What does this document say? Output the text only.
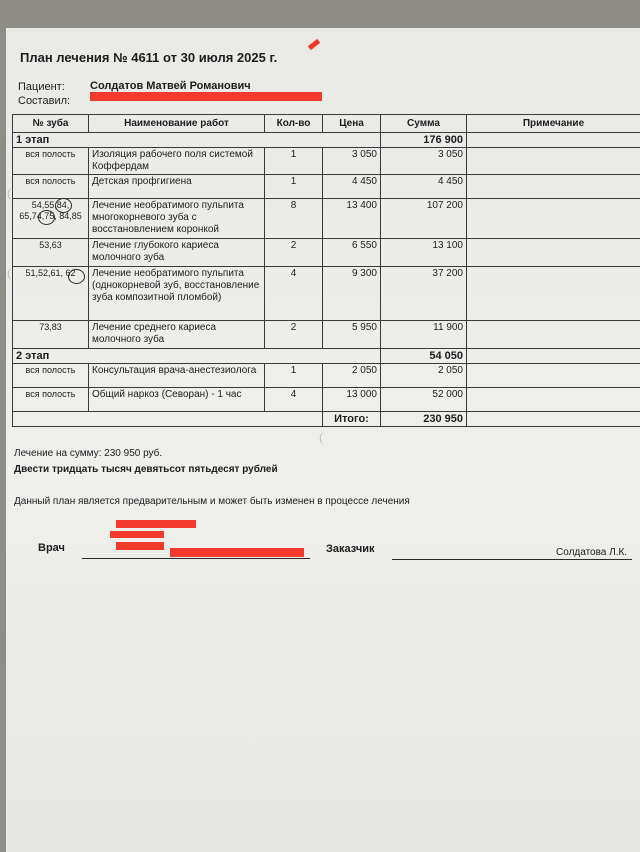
План лечения № 4611 от 30 июля 2025 г.
Пациент: Солдатов Матвей Романович
Составил:
№ зуба	Наименование работ	Кол-во	Цена	Сумма	Примечание
1 этап				176 900	
вся полость	Изоляция рабочего поля системой Коффердам	1	3 050	3 050	
вся полость	Детская профгигиена	1	4 450	4 450	
54,55,84, 65,74,75, 84,85	Лечение необратимого пульпита многокорневого зуба с восстановлением коронкой	8	13 400	107 200	
53,63	Лечение глубокого кариеса молочного зуба	2	6 550	13 100	
51,52,61, 62	Лечение необратимого пульпита (однокорневой зуб, восстановление зуба композитной пломбой)	4	9 300	37 200	
73,83	Лечение среднего кариеса молочного зуба	2	5 950	11 900	
2 этап				54 050	
вся полость	Консультация врача-анестезиолога	1	2 050	2 050	
вся полость	Общий наркоз (Севоран) - 1 час	4	13 000	52 000	
			Итого:	230 950	
(
(
(
Лечение на сумму: 230 950 руб.
Двести тридцать тысяч девятьсот пятьдесят рублей
Данный план является предварительным и может быть изменен в процессе лечения
Врач	Заказчик	Солдатова Л.К.
